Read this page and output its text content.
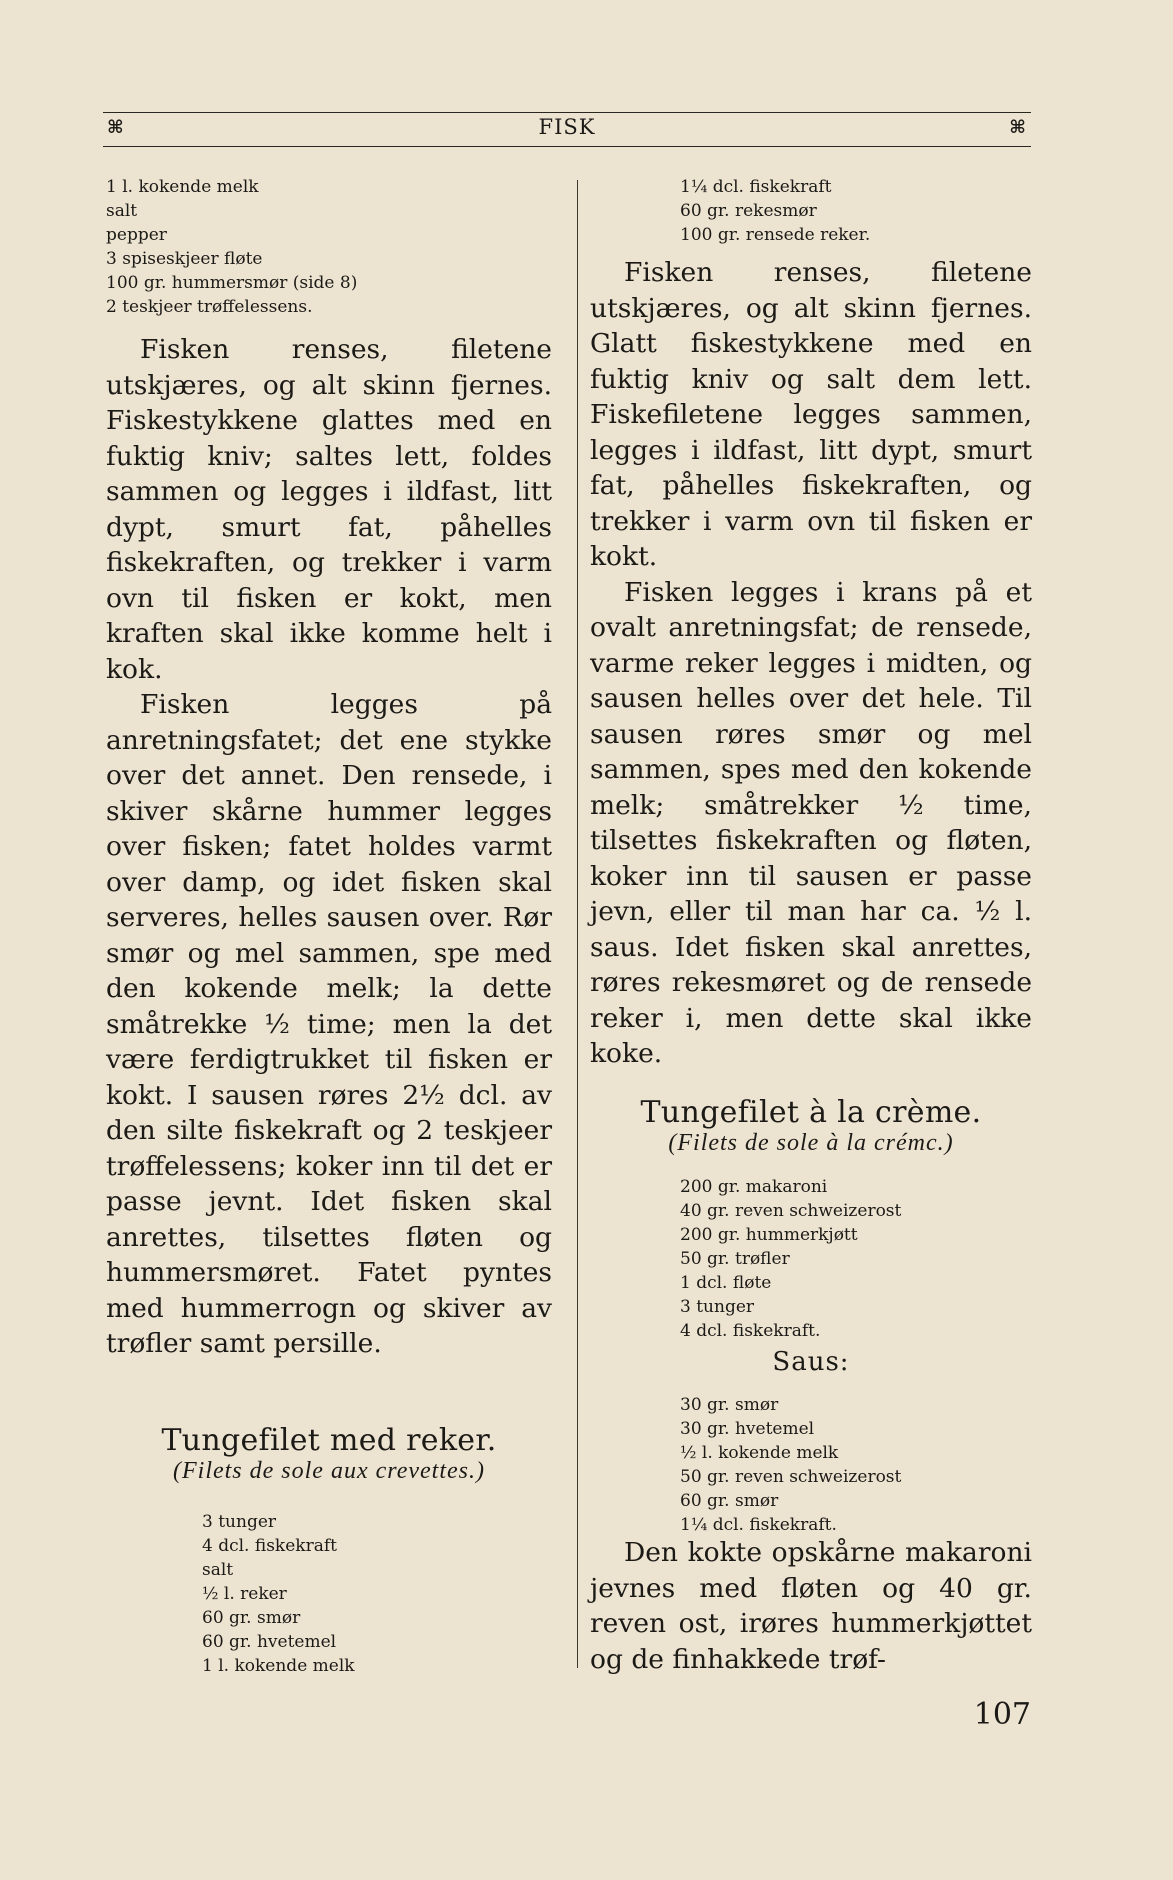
⌘	FISK	⌘
1 l. kokende melk
salt
pepper
3 spiseskjeer fløte
100 gr. hummersmør (side 8)
2 teskjeer trøffelessens.

Fisken renses, filetene utskjæres, og alt skinn fjernes. Fiskestykkene glattes med en fuktig kniv; saltes lett, foldes sammen og legges i ildfast, litt dypt, smurt fat, påhelles fiskekraften, og trekker i varm ovn til fisken er kokt, men kraften skal ikke komme helt i kok.

Fisken legges på anretningsfatet; det ene stykke over det annet. Den rensede, i skiver skårne hummer legges over fisken; fatet holdes varmt over damp, og idet fisken skal serveres, helles sausen over. Rør smør og mel sammen, spe med den kokende melk; la dette småtrekke ½ time; men la det være ferdigtrukket til fisken er kokt. I sausen røres 2½ dcl. av den silte fiskekraft og 2 teskjeer trøffelessens; koker inn til det er passe jevnt. Idet fisken skal anrettes, tilsettes fløten og hummersmøret. Fatet pyntes med hummerrogn og skiver av trøfler samt persille.

Tungefilet med reker.

(Filets de sole aux crevettes.)

3 tunger
4 dcl. fiskekraft
salt
½ l. reker
60 gr. smør
60 gr. hvetemel
1 l. kokende melk
1¼ dcl. fiskekraft
60 gr. rekesmør
100 gr. rensede reker.

Fisken renses, filetene utskjæres, og alt skinn fjernes. Glatt fiskestykkene med en fuktig kniv og salt dem lett. Fiskefiletene legges sammen, legges i ildfast, litt dypt, smurt fat, påhelles fiskekraften, og trekker i varm ovn til fisken er kokt.

Fisken legges i krans på et ovalt anretningsfat; de rensede, varme reker legges i midten, og sausen helles over det hele. Til sausen røres smør og mel sammen, spes med den kokende melk; småtrekker ½ time, tilsettes fiskekraften og fløten, koker inn til sausen er passe jevn, eller til man har ca. ½ l. saus. Idet fisken skal anrettes, røres rekesmøret og de rensede reker i, men dette skal ikke koke.

Tungefilet à la crème.

(Filets de sole à la crémc.)

200 gr. makaroni
40 gr. reven schweizerost
200 gr. hummerkjøtt
50 gr. trøfler
1 dcl. fløte
3 tunger
4 dcl. fiskekraft.

Saus:

30 gr. smør
30 gr. hvetemel
½ l. kokende melk
50 gr. reven schweizerost
60 gr. smør
1¼ dcl. fiskekraft.

Den kokte opskårne makaroni jevnes med fløten og 40 gr. reven ost, irøres hummerkjøttet og de finhakkede trøf-

107
